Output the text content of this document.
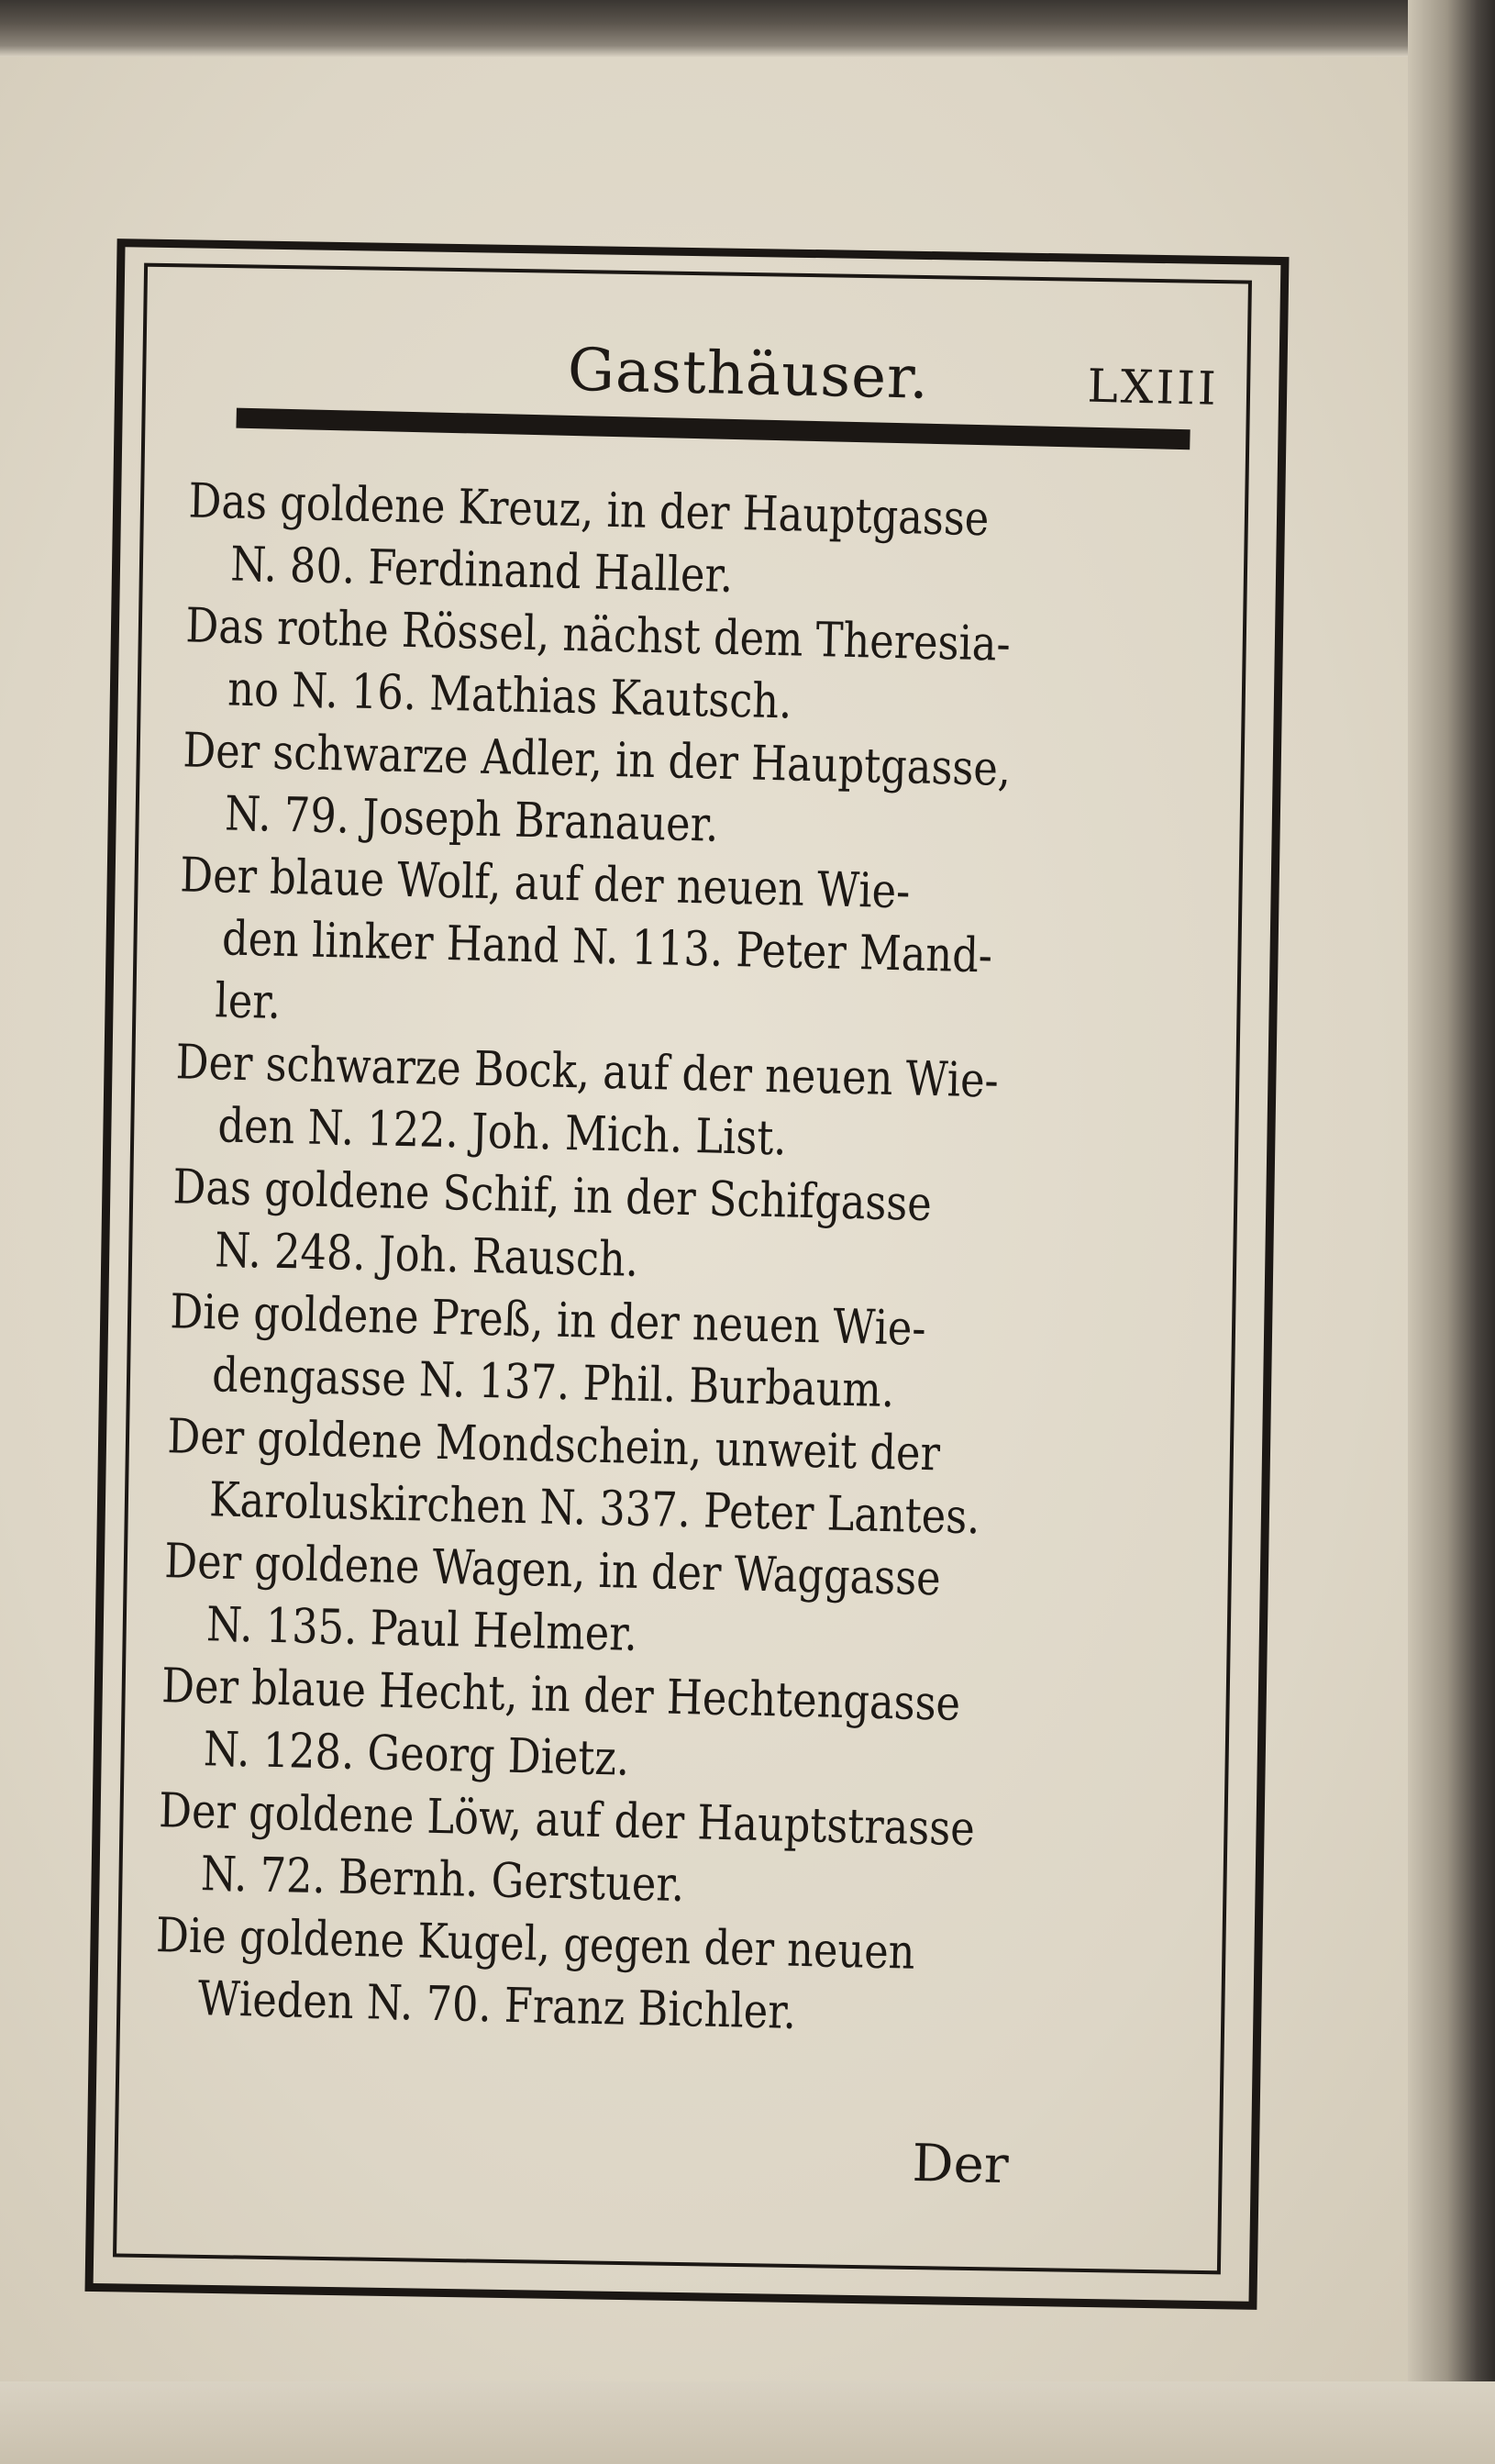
Gasthäuser.	LXIII

Das goldene Kreuz, in der Hauptgasse

N. 80. Ferdinand Haller.

Das rothe Rössel, nächst dem Theresia-

no N. 16. Mathias Kautsch.

Der schwarze Adler, in der Hauptgasse,

N. 79. Joseph Branauer.

Der blaue Wolf, auf der neuen Wie-

den linker Hand N. 113. Peter Mand-

ler.

Der schwarze Bock, auf der neuen Wie-

den N. 122. Joh. Mich. List.

Das goldene Schif, in der Schifgasse

N. 248. Joh. Rausch.

Die goldene Preß, in der neuen Wie-

dengasse N. 137. Phil. Burbaum.

Der goldene Mondschein, unweit der

Karoluskirchen N. 337. Peter Lantes.

Der goldene Wagen, in der Waggasse

N. 135. Paul Helmer.

Der blaue Hecht, in der Hechtengasse

N. 128. Georg Dietz.

Der goldene Löw, auf der Hauptstrasse

N. 72. Bernh. Gerstuer.

Die goldene Kugel, gegen der neuen

Wieden N. 70. Franz Bichler.

Der
